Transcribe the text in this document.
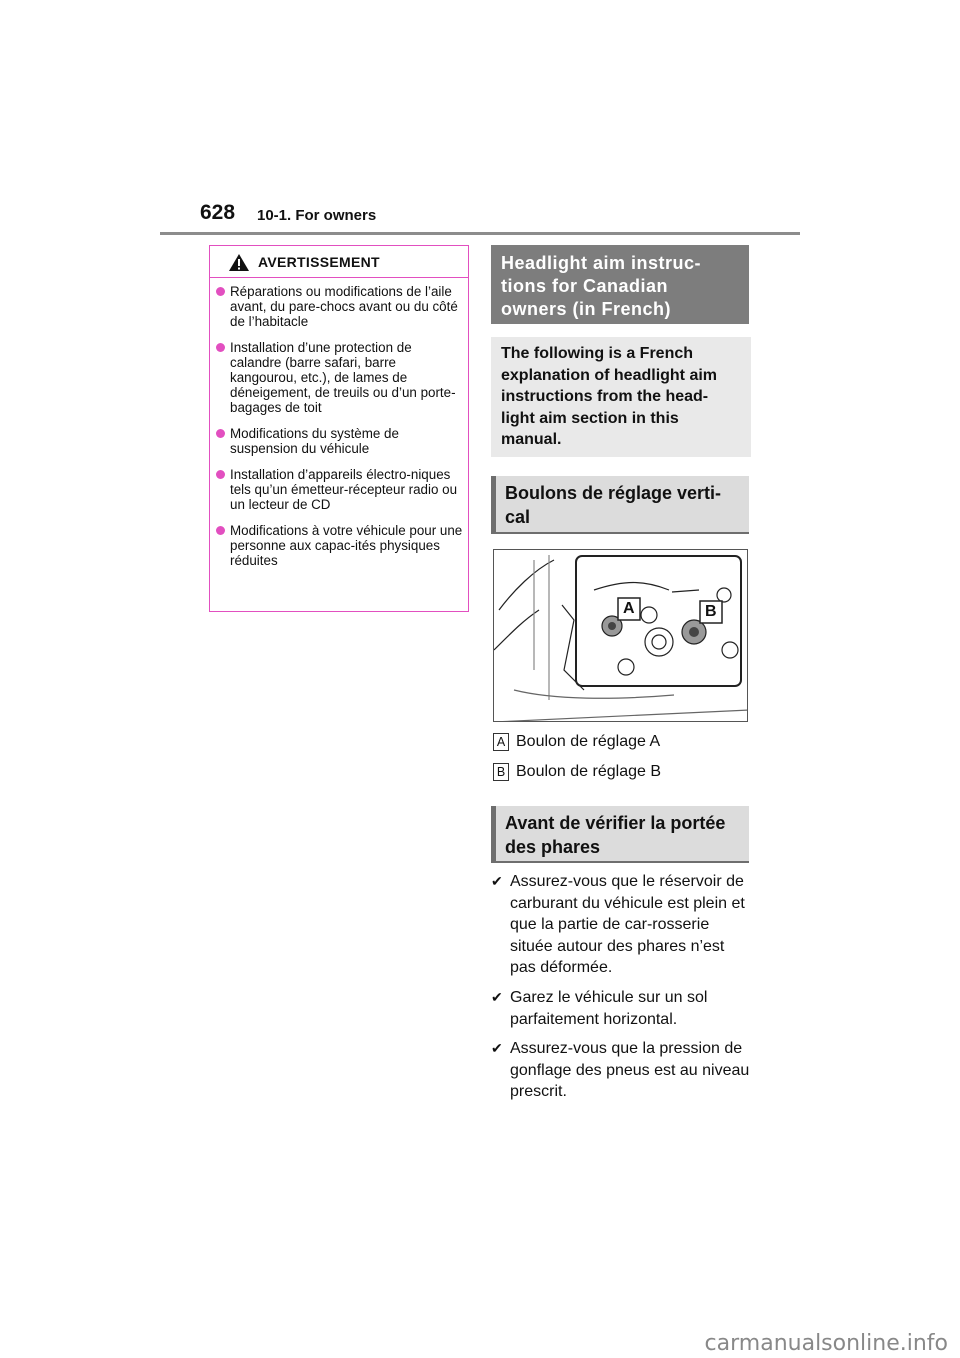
628 10-1. For owners
AVERTISSEMENT
Réparations ou modifications de l’aile avant, du pare-chocs avant ou du côté de l’habitacle
Installation d’une protection de calandre (barre safari, barre kangourou, etc.), de lames de déneigement, de treuils ou d’un porte-bagages de toit
Modifications du système de suspension du véhicule
Installation d’appareils électro-niques tels qu’un émetteur-récepteur radio ou un lecteur de CD
Modifications à votre véhicule pour une personne aux capac-ités physiques réduites
Headlight aim instruc-tions for Canadian owners (in French)
The following is a French explanation of headlight aim instructions from the head-light aim section in this manual.
Boulons de réglage verti-cal
A	B
A Boulon de réglage A
B Boulon de réglage B
Avant de vérifier la portée des phares
✔ Assurez-vous que le réservoir de carburant du véhicule est plein et que la partie de car-rosserie située autour des phares n’est pas déformée.
✔ Garez le véhicule sur un sol parfaitement horizontal.
✔ Assurez-vous que la pression de gonflage des pneus est au niveau prescrit.
carmanualsonline.info
